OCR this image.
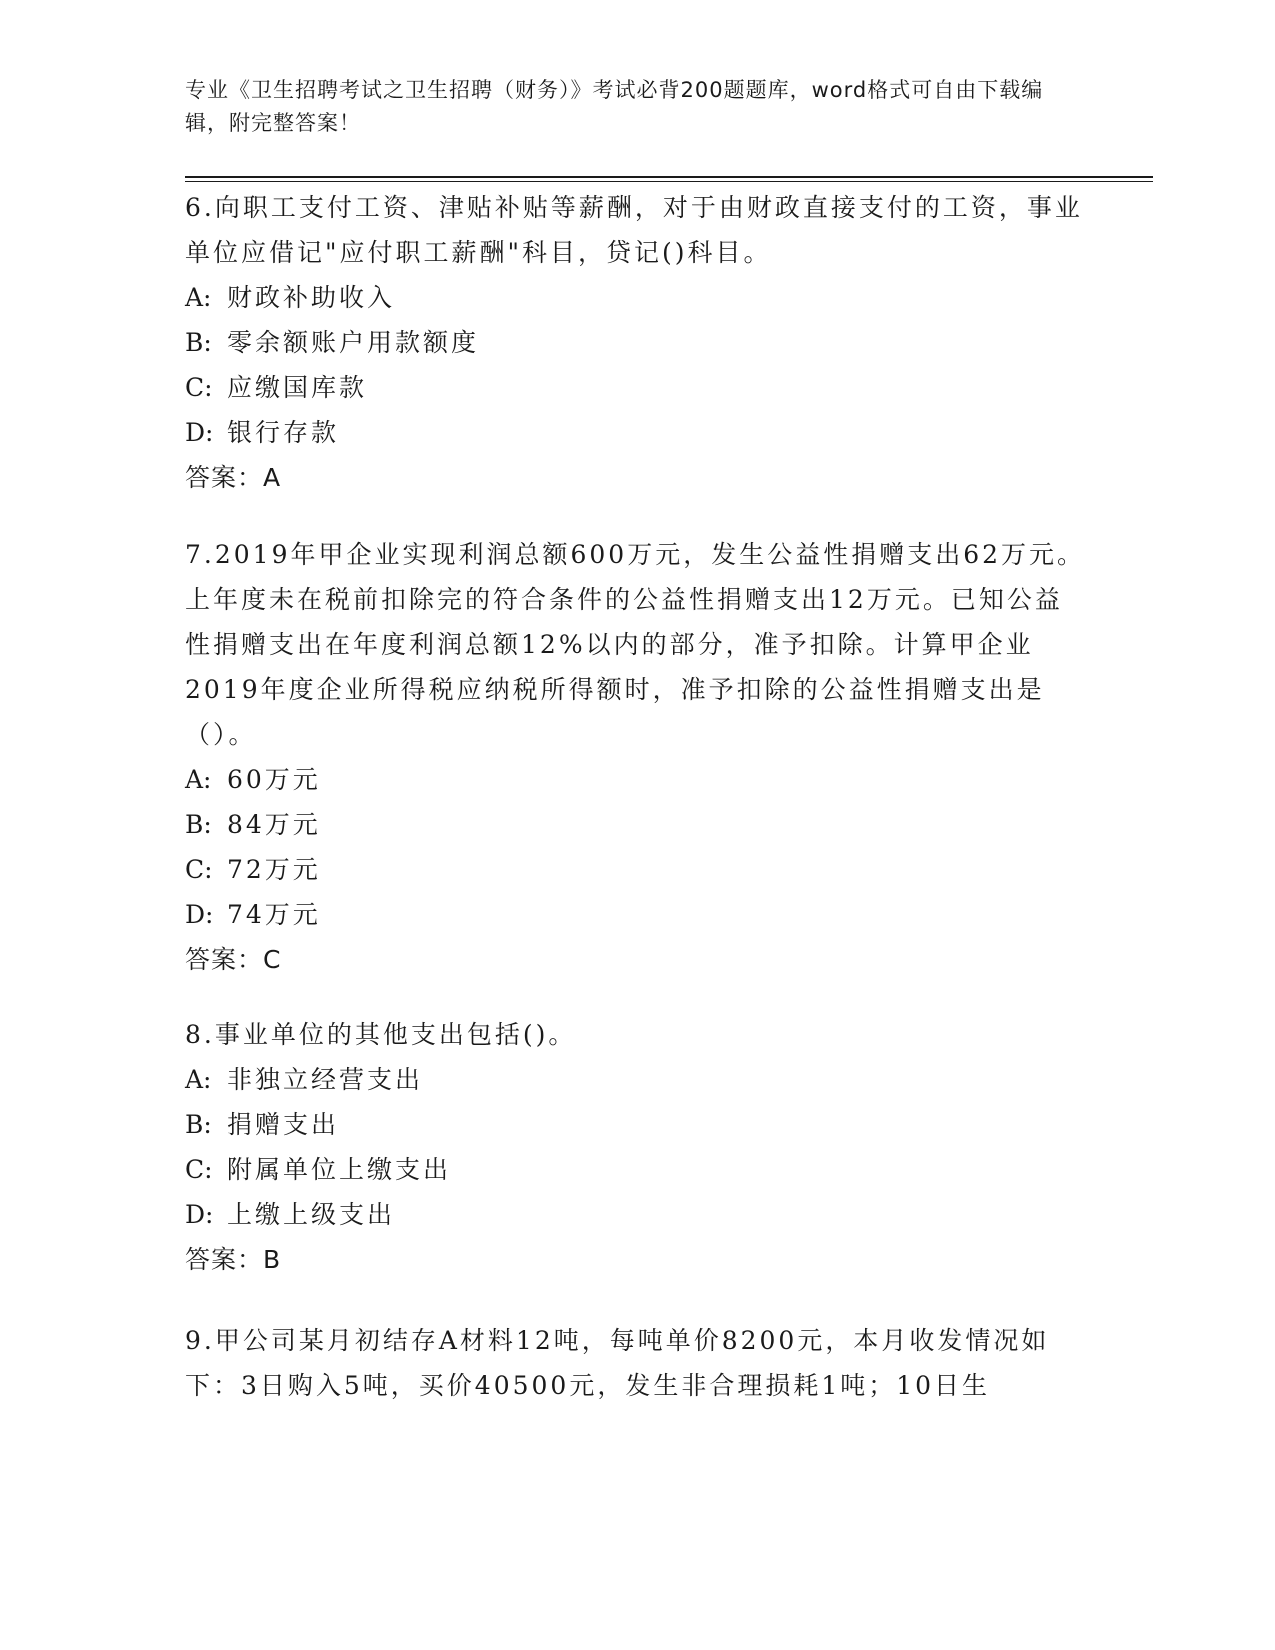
专业《卫生招聘考试之卫生招聘（财务）》考试必背200题题库，word格式可自由下载编辑，附完整答案！

6.向职工支付工资、津贴补贴等薪酬，对于由财政直接支付的工资，事业单位应借记"应付职工薪酬"科目，贷记()科目。

A: 财政补助收入

B: 零余额账户用款额度

C: 应缴国库款

D: 银行存款

答案：A

7.2019年甲企业实现利润总额600万元，发生公益性捐赠支出62万元。上年度未在税前扣除完的符合条件的公益性捐赠支出12万元。已知公益性捐赠支出在年度利润总额12%以内的部分，准予扣除。计算甲企业2019年度企业所得税应纳税所得额时，准予扣除的公益性捐赠支出是（）。

A: 60万元

B: 84万元

C: 72万元

D: 74万元

答案：C

8.事业单位的其他支出包括()。

A: 非独立经营支出

B: 捐赠支出

C: 附属单位上缴支出

D: 上缴上级支出

答案：B

9.甲公司某月初结存A材料12吨，每吨单价8200元，本月收发情况如下：3日购入5吨，买价40500元，发生非合理损耗1吨；10日生
